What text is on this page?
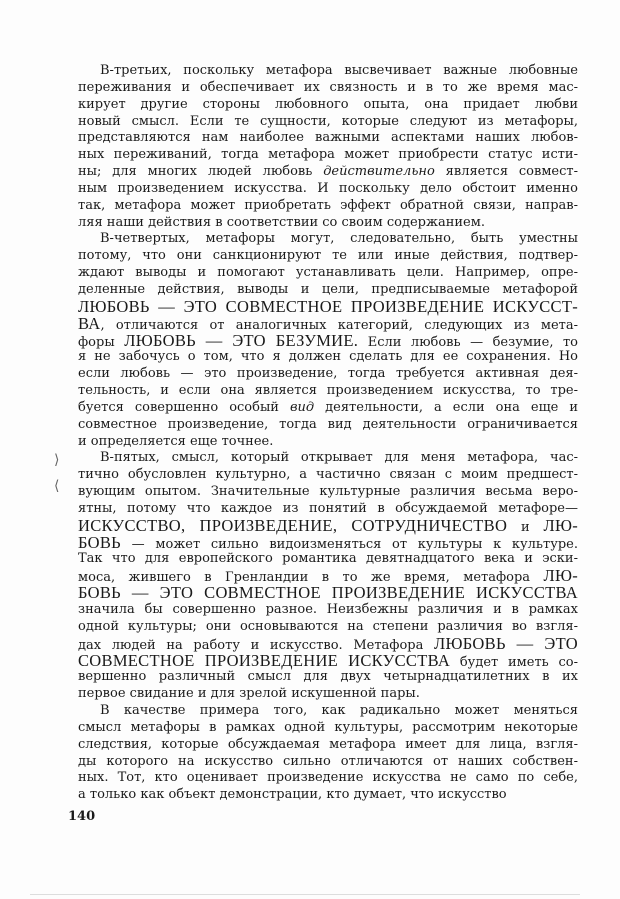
В-третьих, поскольку метафора высвечивает важные любовные
переживания и обеспечивает их связность и в то же время мас-
кирует другие стороны любовного опыта, она придает любви
новый смысл. Если те сущности, которые следуют из метафоры,
представляются нам наиболее важными аспектами наших любов-
ных переживаний, тогда метафора может приобрести статус исти-
ны; для многих людей любовь действительно является совмест-
ным произведением искусства. И поскольку дело обстоит именно
так, метафора может приобретать эффект обратной связи, направ-
ляя наши действия в соответствии со своим содержанием.
В-четвертых, метафоры могут, следовательно, быть уместны
потому, что они санкционируют те или иные действия, подтвер-
ждают выводы и помогают устанавливать цели. Например, опре-
деленные действия, выводы и цели, предписываемые метафорой
ЛЮБОВЬ — ЭТО СОВМЕСТНОЕ ПРОИЗВЕДЕНИЕ ИСКУССТ-
ВА, отличаются от аналогичных категорий, следующих из мета-
форы ЛЮБОВЬ — ЭТО БЕЗУМИЕ. Если любовь — безумие, то
я не забочусь о том, что я должен сделать для ее сохранения. Но
если любовь — это произведение, тогда требуется активная дея-
тельность, и если она является произведением искусства, то тре-
буется совершенно особый вид деятельности, а если она еще и
совместное произведение, тогда вид деятельности ограничивается
и определяется еще точнее.
В-пятых, смысл, который открывает для меня метафора, час-
тично обусловлен культурно, а частично связан с моим предшест-
вующим опытом. Значительные культурные различия весьма веро-
ятны, потому что каждое из понятий в обсуждаемой метафоре—
ИСКУССТВО, ПРОИЗВЕДЕНИЕ, СОТРУДНИЧЕСТВО и ЛЮ-
БОВЬ — может сильно видоизменяться от культуры к культуре.
Так что для европейского романтика девятнадцатого века и эски-
моса, жившего в Гренландии в то же время, метафора ЛЮ-
БОВЬ — ЭТО СОВМЕСТНОЕ ПРОИЗВЕДЕНИЕ ИСКУССТВА
значила бы совершенно разное. Неизбежны различия и в рамках
одной культуры; они основываются на степени различия во взгля-
дах людей на работу и искусство. Метафора ЛЮБОВЬ — ЭТО
СОВМЕСТНОЕ ПРОИЗВЕДЕНИЕ ИСКУССТВА будет иметь со-
вершенно различный смысл для двух четырнадцатилетних в их
первое свидание и для зрелой искушенной пары.
В качестве примера того, как радикально может меняться
смысл метафоры в рамках одной культуры, рассмотрим некоторые
следствия, которые обсуждаемая метафора имеет для лица, взгля-
ды которого на искусство сильно отличаются от наших собствен-
ных. Тот, кто оценивает произведение искусства не само по себе,
а только как объект демонстрации, кто думает, что искусство
⟩
⟨
140
